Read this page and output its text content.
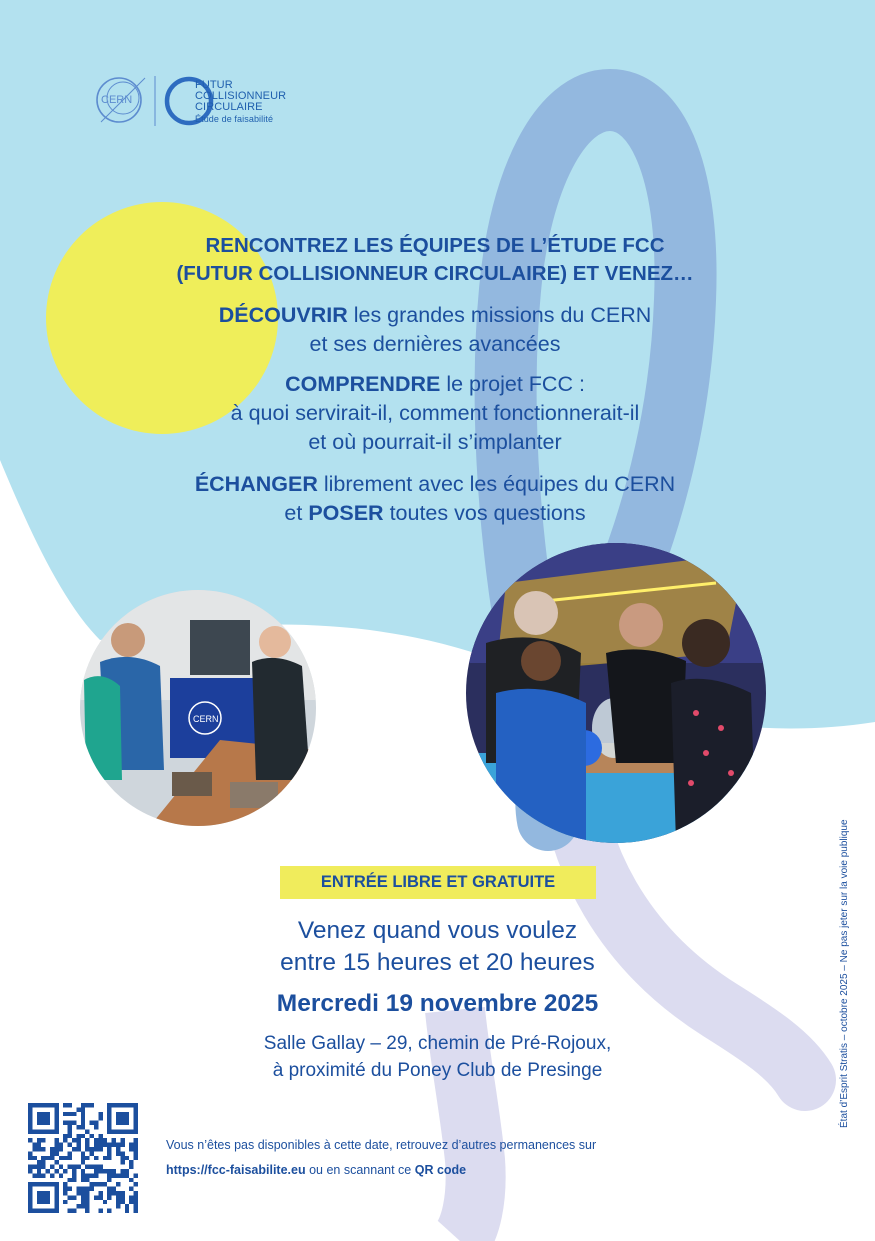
CERN
FUTUR
COLLISIONNEUR
CIRCULAIRE
Étude de faisabilité
RENCONTREZ LES ÉQUIPES DE L’ÉTUDE FCC
(FUTUR COLLISIONNEUR CIRCULAIRE) ET VENEZ…
DÉCOUVRIR les grandes missions du CERN
et ses dernières avancées
COMPRENDRE le projet FCC :
à quoi servirait-il, comment fonctionnerait-il
et où pourrait-il s’implanter
ÉCHANGER librement avec les équipes du CERN
et POSER toutes vos questions
CERN
ENTRÉE LIBRE ET GRATUITE
Venez quand vous voulez
entre 15 heures et 20 heures
Mercredi 19 novembre 2025
Salle Gallay – 29, chemin de Pré-Rojoux,
à proximité du Poney Club de Presinge	État d’Esprit Stratis – octobre 2025 – Ne pas jeter sur la voie publique
Vous n’êtes pas disponibles à cette date, retrouvez d’autres permanences sur
https://fcc-faisabilite.eu ou en scannant ce QR code
